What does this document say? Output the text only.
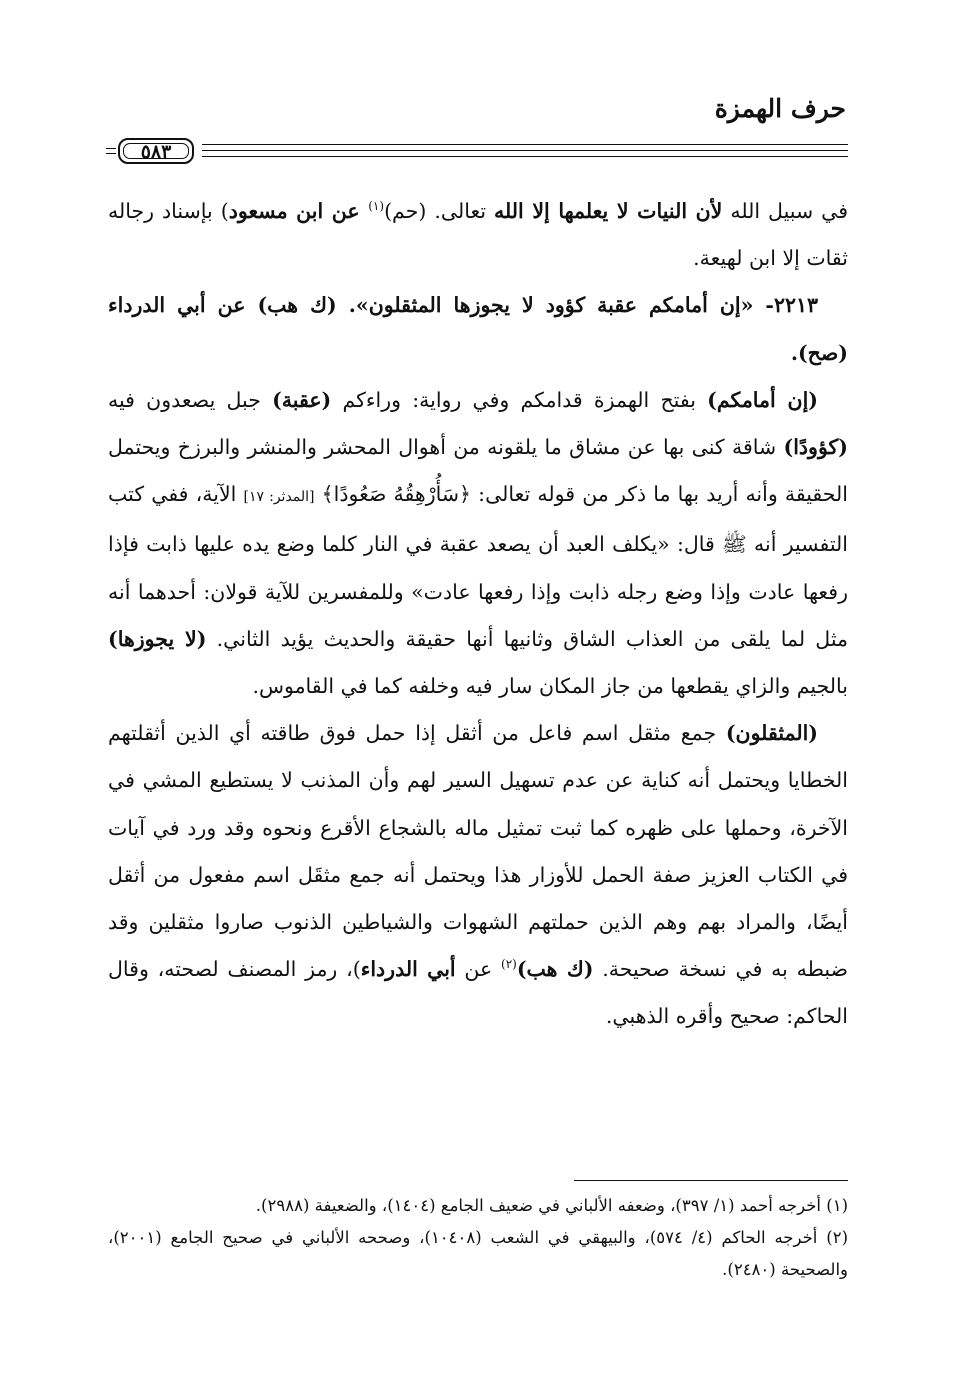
حرف الهمزة
٥٨٣

في سبيل الله لأن النيات لا يعلمها إلا الله تعالى. (حم)$^{(١)}$ عن ابن مسعود) بإسناد رجاله ثقات إلا ابن لهيعة.

٢٢١٣- «إن أمامكم عقبة كؤود لا يجوزها المثقلون». (ك هب) عن أبي الدرداء (صح).

(إن أمامكم) بفتح الهمزة قدامكم وفي رواية: وراءكم (عقبة) جبل يصعدون فيه (كؤودًا) شاقة كنى بها عن مشاق ما يلقونه من أهوال المحشر والمنشر والبرزخ ويحتمل الحقيقة وأنه أريد بها ما ذكر من قوله تعالى: ﴿سَأُرْهِقُهُ صَعُودًا﴾ [المدثر: ١٧] الآية، ففي كتب التفسير أنه ﷺ قال: «يكلف العبد أن يصعد عقبة في النار كلما وضع يده عليها ذابت فإذا رفعها عادت وإذا وضع رجله ذابت وإذا رفعها عادت» وللمفسرين للآية قولان: أحدهما أنه مثل لما يلقى من العذاب الشاق وثانيها أنها حقيقة والحديث يؤيد الثاني. (لا يجوزها) بالجيم والزاي يقطعها من جاز المكان سار فيه وخلفه كما في القاموس.

(المثقلون) جمع مثقل اسم فاعل من أثقل إذا حمل فوق طاقته أي الذين أثقلتهم الخطايا ويحتمل أنه كناية عن عدم تسهيل السير لهم وأن المذنب لا يستطيع المشي في الآخرة، وحملها على ظهره كما ثبت تمثيل ماله بالشجاع الأقرع ونحوه وقد ورد في آيات في الكتاب العزيز صفة الحمل للأوزار هذا ويحتمل أنه جمع مثقَل اسم مفعول من أثقل أيضًا، والمراد بهم وهم الذين حملتهم الشهوات والشياطين الذنوب صاروا مثقلين وقد ضبطه به في نسخة صحيحة. (ك هب)$^{(٢)}$ عن أبي الدرداء)، رمز المصنف لصحته، وقال الحاكم: صحيح وأقره الذهبي.

(١) أخرجه أحمد (١/ ٣٩٧)، وضعفه الألباني في ضعيف الجامع (١٤٠٤)، والضعيفة (٢٩٨٨).

(٢) أخرجه الحاكم (٤/ ٥٧٤)، والبيهقي في الشعب (١٠٤٠٨)، وصححه الألباني في صحيح الجامع (٢٠٠١)، والصحيحة (٢٤٨٠).
